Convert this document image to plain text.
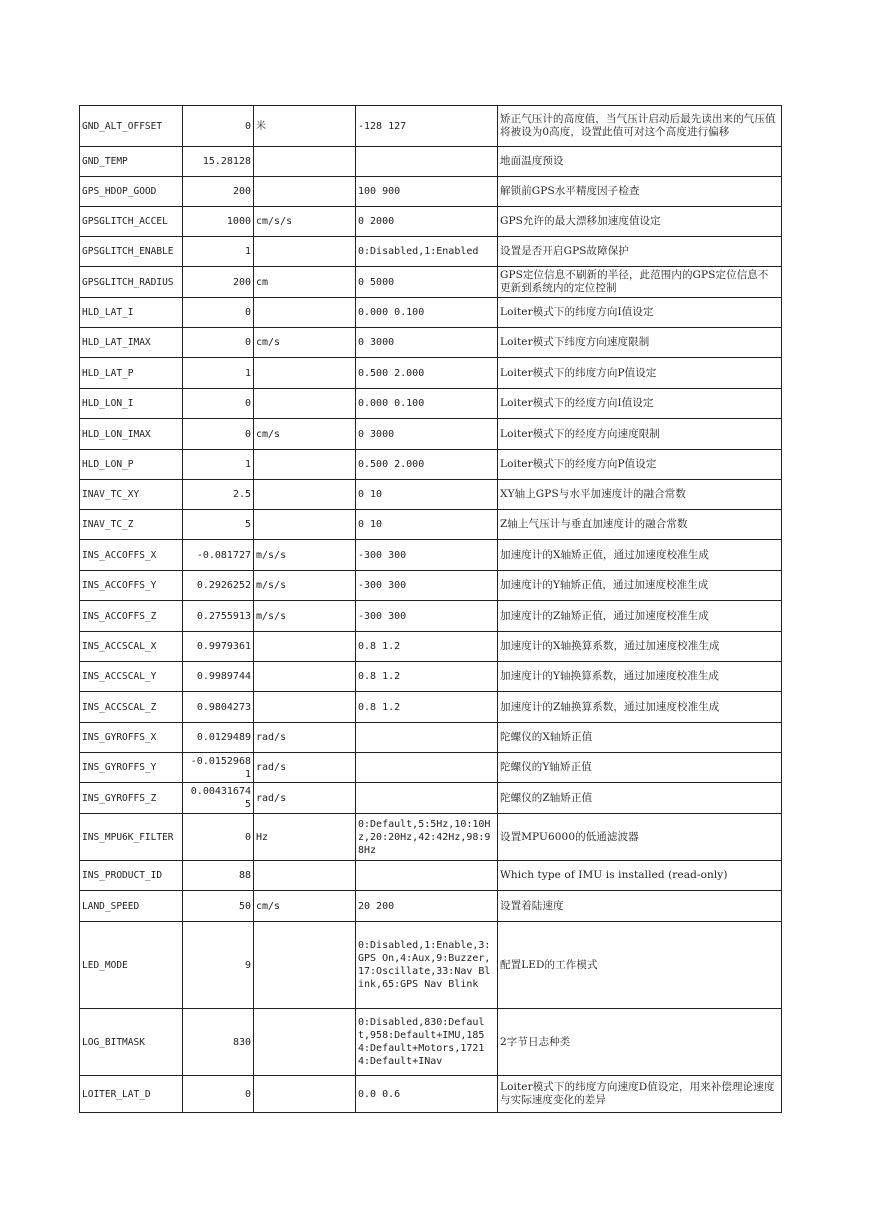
GND_ALT_OFFSET	0	米	-128 127	矫正气压计的高度值，当气压计启动后最先读出来的气压值将被设为0高度，设置此值可对这个高度进行偏移
GND_TEMP	15.28128			地面温度预设
GPS_HDOP_GOOD	200		100 900	解锁前GPS水平精度因子检查
GPSGLITCH_ACCEL	1000	cm/s/s	0 2000	GPS允许的最大漂移加速度值设定
GPSGLITCH_ENABLE	1		0:Disabled,1:Enabled	设置是否开启GPS故障保护
GPSGLITCH_RADIUS	200	cm	0 5000	GPS定位信息不刷新的半径，此范围内的GPS定位信息不更新到系统内的定位控制
HLD_LAT_I	0		0.000 0.100	Loiter模式下的纬度方向I值设定
HLD_LAT_IMAX	0	cm/s	0 3000	Loiter模式下纬度方向速度限制
HLD_LAT_P	1		0.500 2.000	Loiter模式下的纬度方向P值设定
HLD_LON_I	0		0.000 0.100	Loiter模式下的经度方向I值设定
HLD_LON_IMAX	0	cm/s	0 3000	Loiter模式下的经度方向速度限制
HLD_LON_P	1		0.500 2.000	Loiter模式下的经度方向P值设定
INAV_TC_XY	2.5		0 10	XY轴上GPS与水平加速度计的融合常数
INAV_TC_Z	5		0 10	Z轴上气压计与垂直加速度计的融合常数
INS_ACCOFFS_X	-0.081727	m/s/s	-300 300	加速度计的X轴矫正值，通过加速度校准生成
INS_ACCOFFS_Y	0.2926252	m/s/s	-300 300	加速度计的Y轴矫正值，通过加速度校准生成
INS_ACCOFFS_Z	0.2755913	m/s/s	-300 300	加速度计的Z轴矫正值，通过加速度校准生成
INS_ACCSCAL_X	0.9979361		0.8 1.2	加速度计的X轴换算系数，通过加速度校准生成
INS_ACCSCAL_Y	0.9989744		0.8 1.2	加速度计的Y轴换算系数，通过加速度校准生成
INS_ACCSCAL_Z	0.9804273		0.8 1.2	加速度计的Z轴换算系数，通过加速度校准生成
INS_GYROFFS_X	0.0129489	rad/s		陀螺仪的X轴矫正值
INS_GYROFFS_Y	-0.01529681	rad/s		陀螺仪的Y轴矫正值
INS_GYROFFS_Z	0.004316745	rad/s		陀螺仪的Z轴矫正值
INS_MPU6K_FILTER	0	Hz	0:Default,5:5Hz,10:10Hz,20:20Hz,42:42Hz,98:98Hz	设置MPU6000的低通滤波器
INS_PRODUCT_ID	88			Which type of IMU is installed (read-only)
LAND_SPEED	50	cm/s	20 200	设置着陆速度
LED_MODE	9		0:Disabled,1:Enable,3:GPS On,4:Aux,9:Buzzer,17:Oscillate,33:Nav Blink,65:GPS Nav Blink	配置LED的工作模式
LOG_BITMASK	830		0:Disabled,830:Default,958:Default+IMU,1854:Default+Motors,17214:Default+INav	2字节日志种类
LOITER_LAT_D	0		0.0 0.6	Loiter模式下的纬度方向速度D值设定，用来补偿理论速度与实际速度变化的差异
